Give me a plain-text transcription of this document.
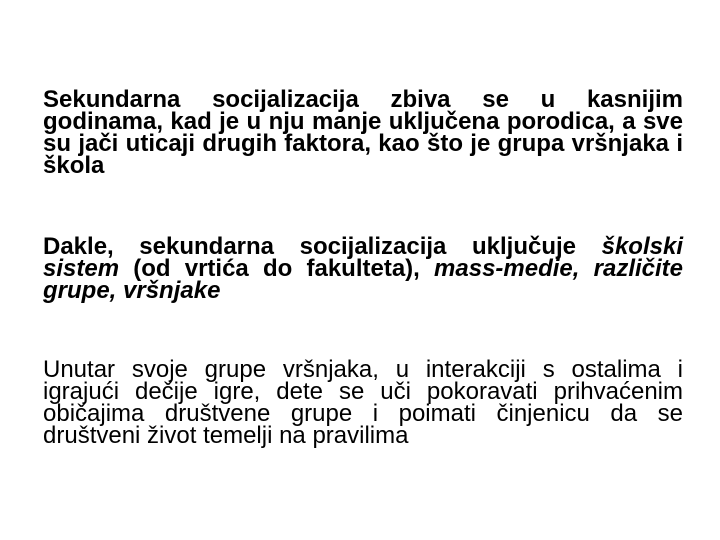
Sekundarna socijalizacija zbiva se u kasnijim godinama, kad je u nju manje uključena porodica, a sve su jači uticaji drugih faktora, kao što je grupa vršnjaka i škola

Dakle, sekundarna socijalizacija uključuje školski sistem (od vrtića do fakulteta), mass-medie, različite grupe, vršnjake

Unutar svoje grupe vršnjaka, u interakciji s ostalima i igrajući dečije igre, dete se uči pokoravati prihvaćenim običajima društvene grupe i poimati činjenicu da se društveni život temelji na pravilima
